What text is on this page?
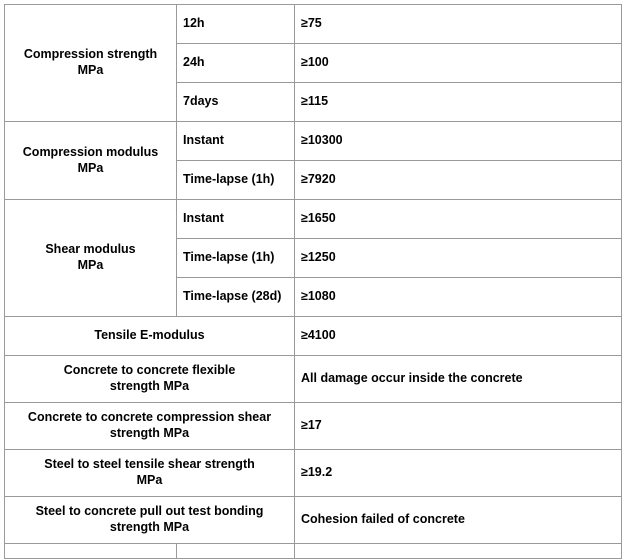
Compression strength
MPa	12h	≥75
	24h	≥100
	7days	≥115

Compression modulus
MPa	Instant	≥10300
	Time-lapse (1h)	≥7920

Shear modulus
MPa	Instant	≥1650
	Time-lapse (1h)	≥1250
	Time-lapse (28d)	≥1080
Tensile E-modulus		≥4100

Concrete to concrete flexible
strength MPa		All damage occur inside the concrete

Concrete to concrete compression shear
strength MPa		≥17

Steel to steel tensile shear strength
MPa		≥19.2

Steel to concrete pull out test bonding
strength MPa		Cohesion failed of concrete
